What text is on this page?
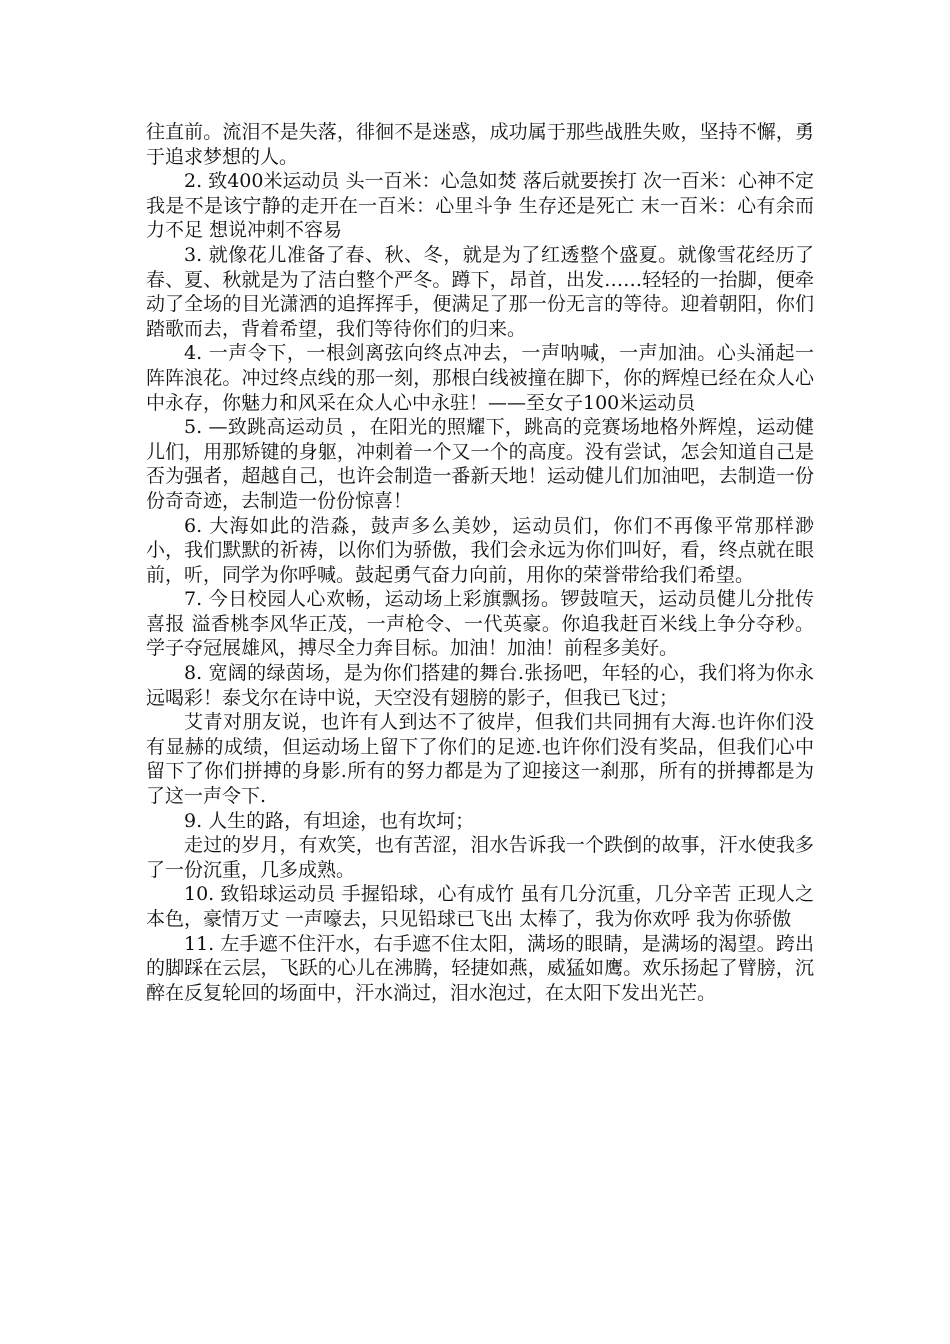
往直前。流泪不是失落，徘徊不是迷惑，成功属于那些战胜失败，坚持不懈，勇于追求梦想的人。

2. 致400米运动员 头一百米：心急如焚 落后就要挨打 次一百米：心神不定 我是不是该宁静的走开在一百米：心里斗争 生存还是死亡 末一百米：心有余而力不足 想说冲刺不容易

3. 就像花儿准备了春、秋、冬，就是为了红透整个盛夏。就像雪花经历了春、夏、秋就是为了洁白整个严冬。蹲下，昂首，出发……轻轻的一抬脚，便牵动了全场的目光潇洒的追挥挥手，便满足了那一份无言的等待。迎着朝阳，你们踏歌而去，背着希望，我们等待你们的归来。

4. 一声令下，一根剑离弦向终点冲去，一声呐喊，一声加油。心头涌起一阵阵浪花。冲过终点线的那一刻，那根白线被撞在脚下，你的辉煌已经在众人心中永存，你魅力和风采在众人心中永驻！——至女子100米运动员

5. —致跳高运动员 ，在阳光的照耀下，跳高的竞赛场地格外辉煌，运动健儿们，用那矫键的身躯，冲刺着一个又一个的高度。没有尝试，怎会知道自己是否为强者，超越自己，也许会制造一番新天地！运动健儿们加油吧，去制造一份份奇奇迹，去制造一份份惊喜！

6. 大海如此的浩淼，鼓声多么美妙，运动员们，你们不再像平常那样渺小，我们默默的祈祷，以你们为骄傲，我们会永远为你们叫好，看，终点就在眼前，听，同学为你呼喊。鼓起勇气奋力向前，用你的荣誉带给我们希望。

7. 今日校园人心欢畅，运动场上彩旗飘扬。锣鼓喧天，运动员健儿分批传喜报 溢香桃李风华正茂，一声枪令、一代英豪。你追我赶百米线上争分夺秒。学子夺冠展雄风，搏尽全力奔目标。加油！加油！前程多美好。

8. 宽阔的绿茵场，是为你们搭建的舞台.张扬吧，年轻的心，我们将为你永远喝彩！泰戈尔在诗中说，天空没有翅膀的影子，但我已飞过；

艾青对朋友说，也许有人到达不了彼岸，但我们共同拥有大海.也许你们没有显赫的成绩，但运动场上留下了你们的足迹.也许你们没有奖品，但我们心中留下了你们拼搏的身影.所有的努力都是为了迎接这一刹那，所有的拼搏都是为了这一声令下.

9. 人生的路，有坦途，也有坎坷；

走过的岁月，有欢笑，也有苦涩，泪水告诉我一个跌倒的故事，汗水使我多了一份沉重，几多成熟。

10. 致铅球运动员 手握铅球，心有成竹 虽有几分沉重，几分辛苦 正现人之本色，豪情万丈 一声嚎去，只见铅球已飞出 太棒了，我为你欢呼 我为你骄傲

11. 左手遮不住汗水，右手遮不住太阳，满场的眼睛，是满场的渴望。跨出的脚踩在云层，飞跃的心儿在沸腾，轻捷如燕，威猛如鹰。欢乐扬起了臂膀，沉醉在反复轮回的场面中，汗水淌过，泪水泡过，在太阳下发出光芒。
